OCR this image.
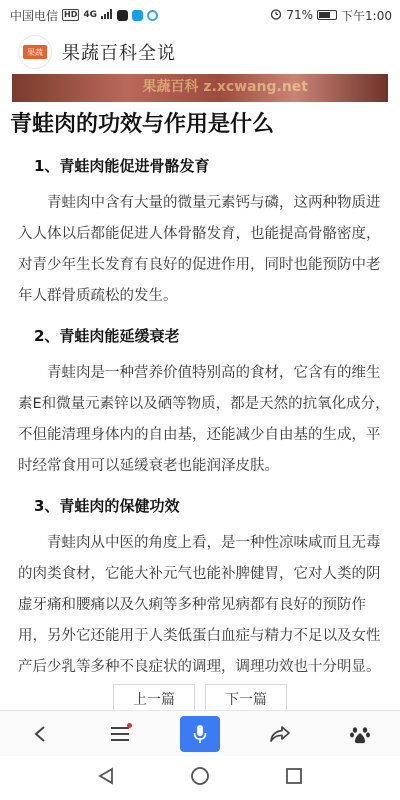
中国电信 HD 4G	71% 下午1:00
果蔬 果蔬百科全说
果蔬百科 z.xcwang.net
青蛙肉的功效与作用是什么
1、青蛙肉能促进骨骼发育

青蛙肉中含有大量的微量元素钙与磷，这两种物质进入人体以后都能促进人体骨骼发育，也能提高骨骼密度，对青少年生长发育有良好的促进作用，同时也能预防中老年人群骨质疏松的发生。

2、青蛙肉能延缓衰老

青蛙肉是一种营养价值特别高的食材，它含有的维生素E和微量元素锌以及硒等物质，都是天然的抗氧化成分，不但能清理身体内的自由基，还能减少自由基的生成，平时经常食用可以延缓衰老也能润泽皮肤。

3、青蛙肉的保健功效

青蛙肉从中医的角度上看，是一种性凉味咸而且无毒的肉类食材，它能大补元气也能补脾健胃，它对人类的阴虚牙痛和腰痛以及久痢等多种常见病都有良好的预防作用，另外它还能用于人类低蛋白血症与精力不足以及女性产后少乳等多种不良症状的调理，调理功效也十分明显。

上一篇	下一篇
